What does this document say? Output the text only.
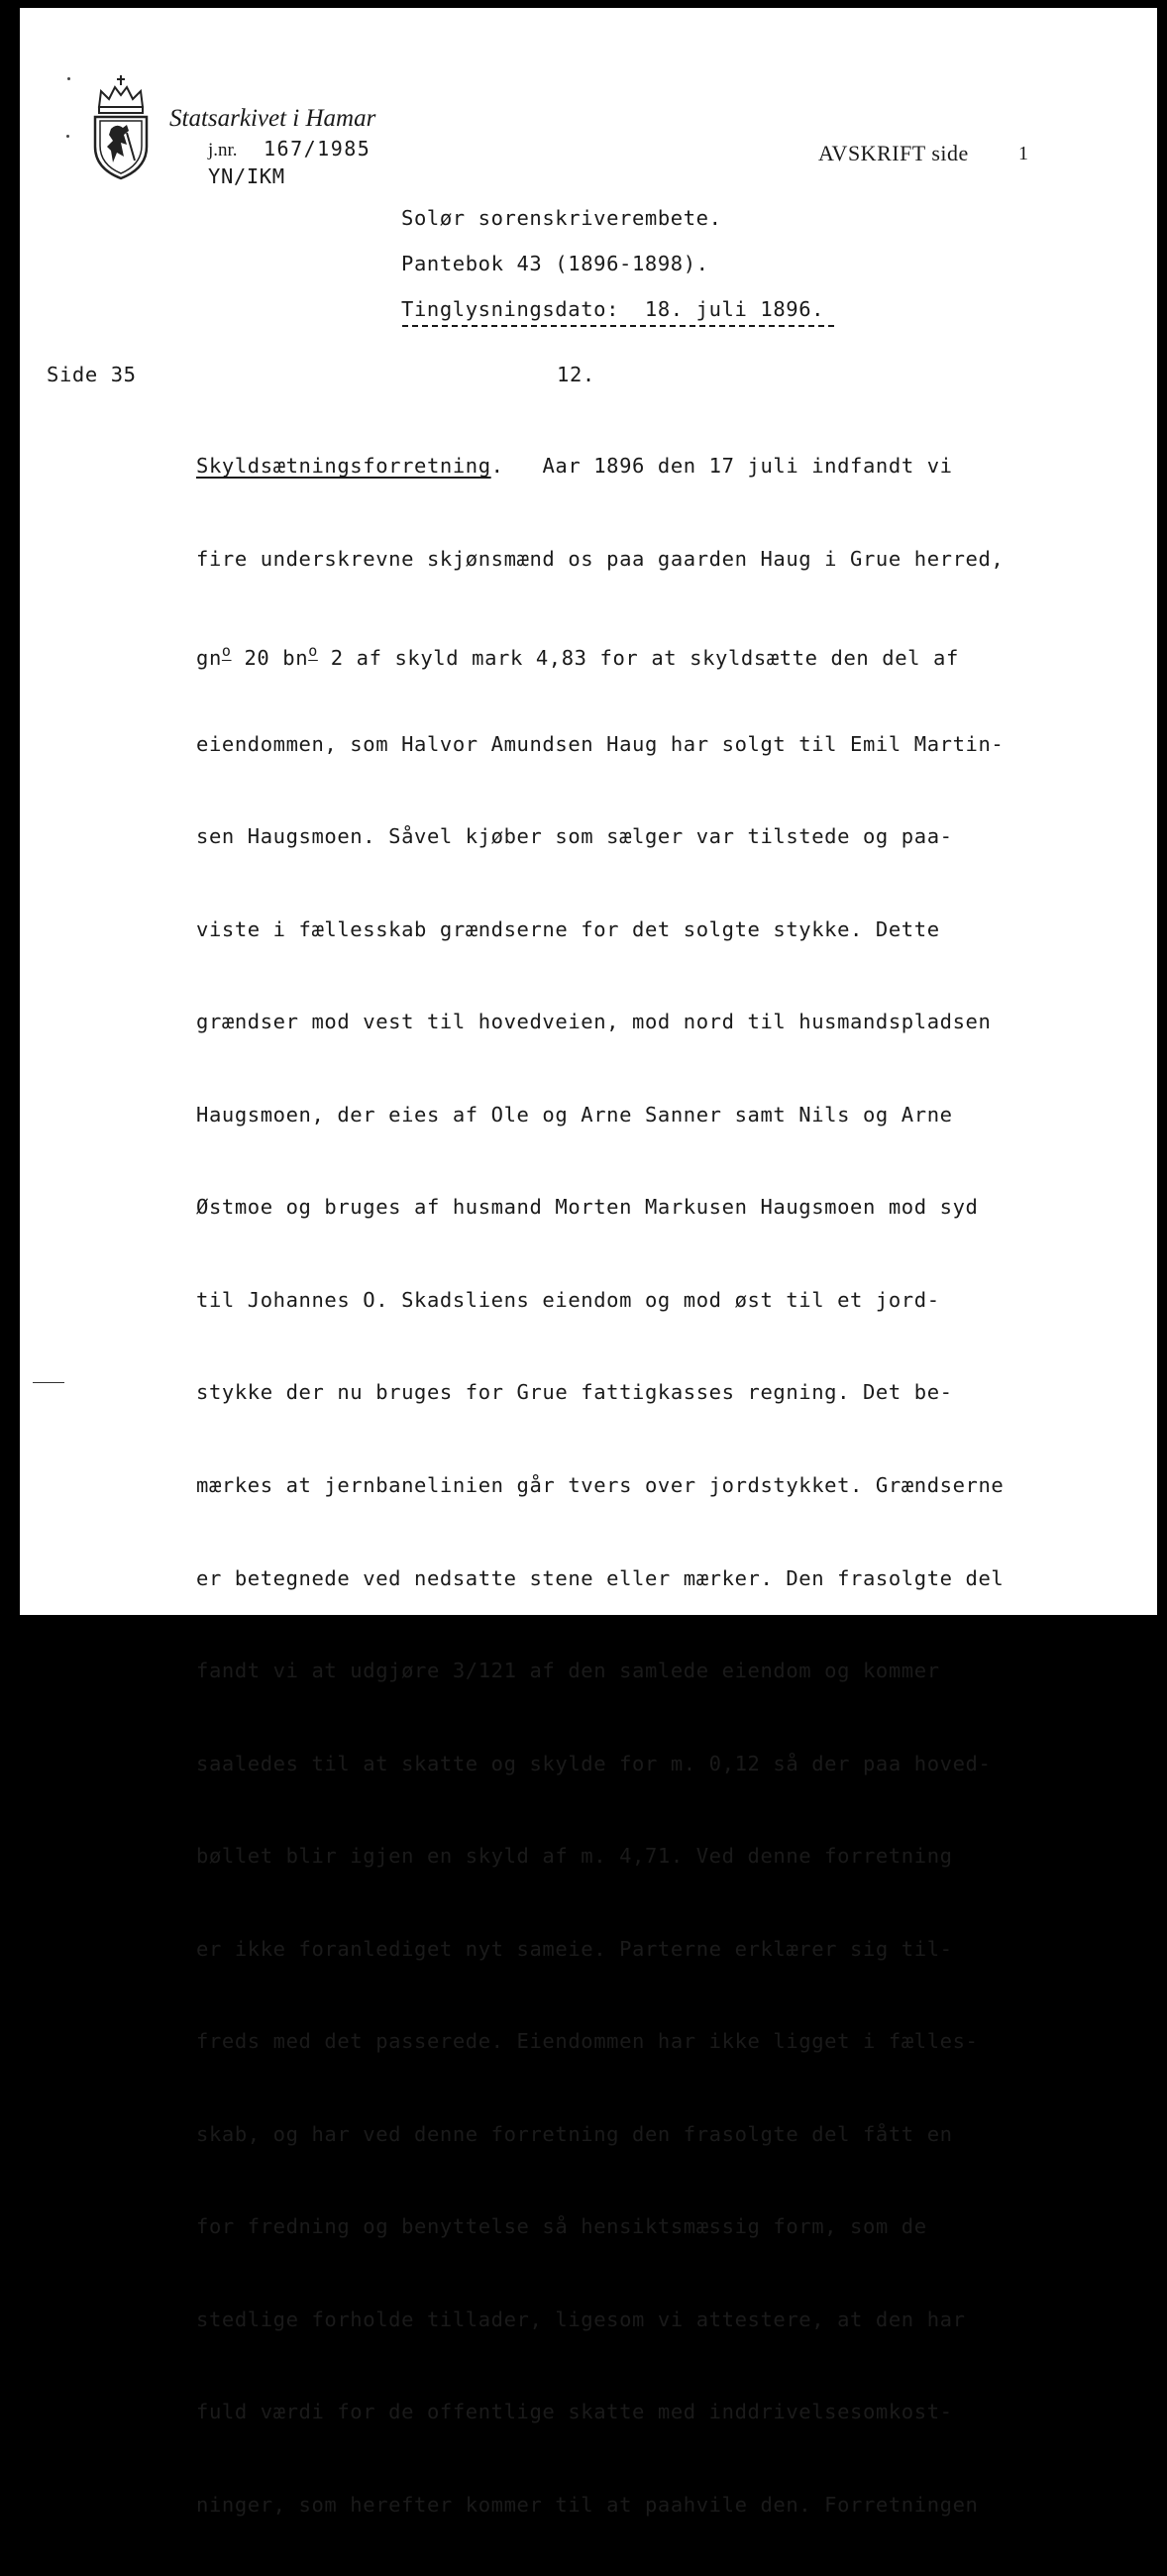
Statsarkivet i Hamar
j.nr. 167/1985
YN/IKM
AVSKRIFT side	1
Solør sorenskriverembete.
Pantebok 43 (1896-1898).
Tinglysningsdato: 18. juli 1896.
Side 35	12.

Skyldsætningsforretning.   Aar 1896 den 17 juli indfandt vi

fire underskrevne skjønsmænd os paa gaarden Haug i Grue herred,

$gn^o$ 20 $bn^o$ 2 af skyld mark 4,83 for at skyldsætte den del af

eiendommen, som Halvor Amundsen Haug har solgt til Emil Martin-

sen Haugsmoen. Såvel kjøber som sælger var tilstede og paa-

viste i fællesskab grændserne for det solgte stykke. Dette

grændser mod vest til hovedveien, mod nord til husmandspladsen

Haugsmoen, der eies af Ole og Arne Sanner samt Nils og Arne

Østmoe og bruges af husmand Morten Markusen Haugsmoen mod syd

til Johannes O. Skadsliens eiendom og mod øst til et jord-

stykke der nu bruges for Grue fattigkasses regning. Det be-

mærkes at jernbanelinien går tvers over jordstykket. Grændserne

er betegnede ved nedsatte stene eller mærker. Den frasolgte del

fandt vi at udgjøre 3/121 af den samlede eiendom og kommer

saaledes til at skatte og skylde for m. 0,12 så der paa hoved-

bøllet blir igjen en skyld af m. 4,71. Ved denne forretning

er ikke foranlediget nyt sameie. Parterne erklærer sig til-

freds med det passerede. Eiendommen har ikke ligget i fælles-

skab, og har ved denne forretning den frasolgte del fått en

for fredning og benyttelse så hensiktsmæssig form, som de

stedlige forholde tillader, ligesom vi attestere, at den har

fuld værdi for de offentlige skatte med inddrivelsesomkost-

ninger, som herefter kommer til at paahvile den. Forretningen
